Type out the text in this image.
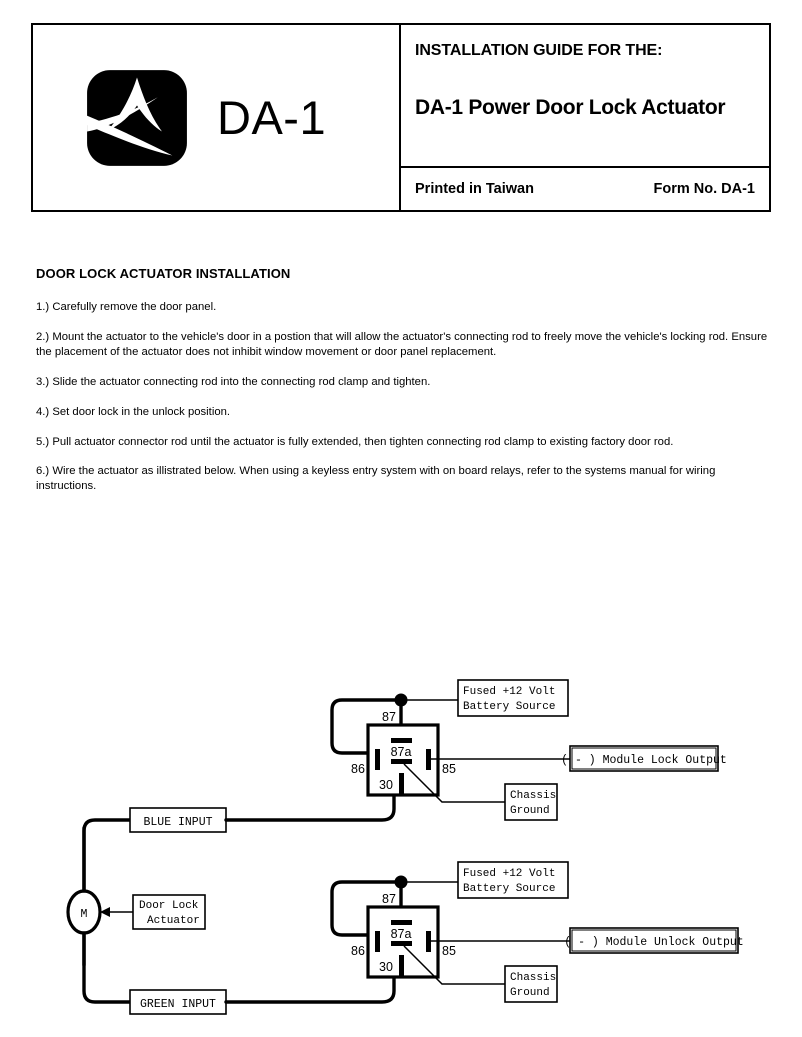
DA-1
INSTALLATION GUIDE FOR THE:
DA-1 Power Door Lock Actuator
Printed in Taiwan	Form No. DA-1
DOOR LOCK ACTUATOR INSTALLATION

1.) Carefully remove the door panel.

2.) Mount the actuator to the vehicle's door in a postion that will allow the actuator's connecting rod to freely move the vehicle's locking rod. Ensure the placement of the actuator does not inhibit window movement or door panel replacement.

3.) Slide the actuator connecting rod into the connecting rod clamp and tighten.

4.) Set door lock in the unlock position.

5.) Pull actuator connector rod until the actuator is fully extended, then tighten connecting rod clamp to existing factory door rod.

6.) Wire the actuator as illistrated below. When using a keyless entry system with on board relays, refer to the systems manual for wiring instructions.

M
Door Lock
Actuator
BLUE INPUT
GREEN INPUT
Fused +12 Volt
Battery Source
87
87a
86	85
30
( - ) Module Lock Output
Chassis
Ground
Fused +12 Volt
Battery Source
87
87a
86	85
30
( - ) Module Unlock Output
Chassis
Ground
